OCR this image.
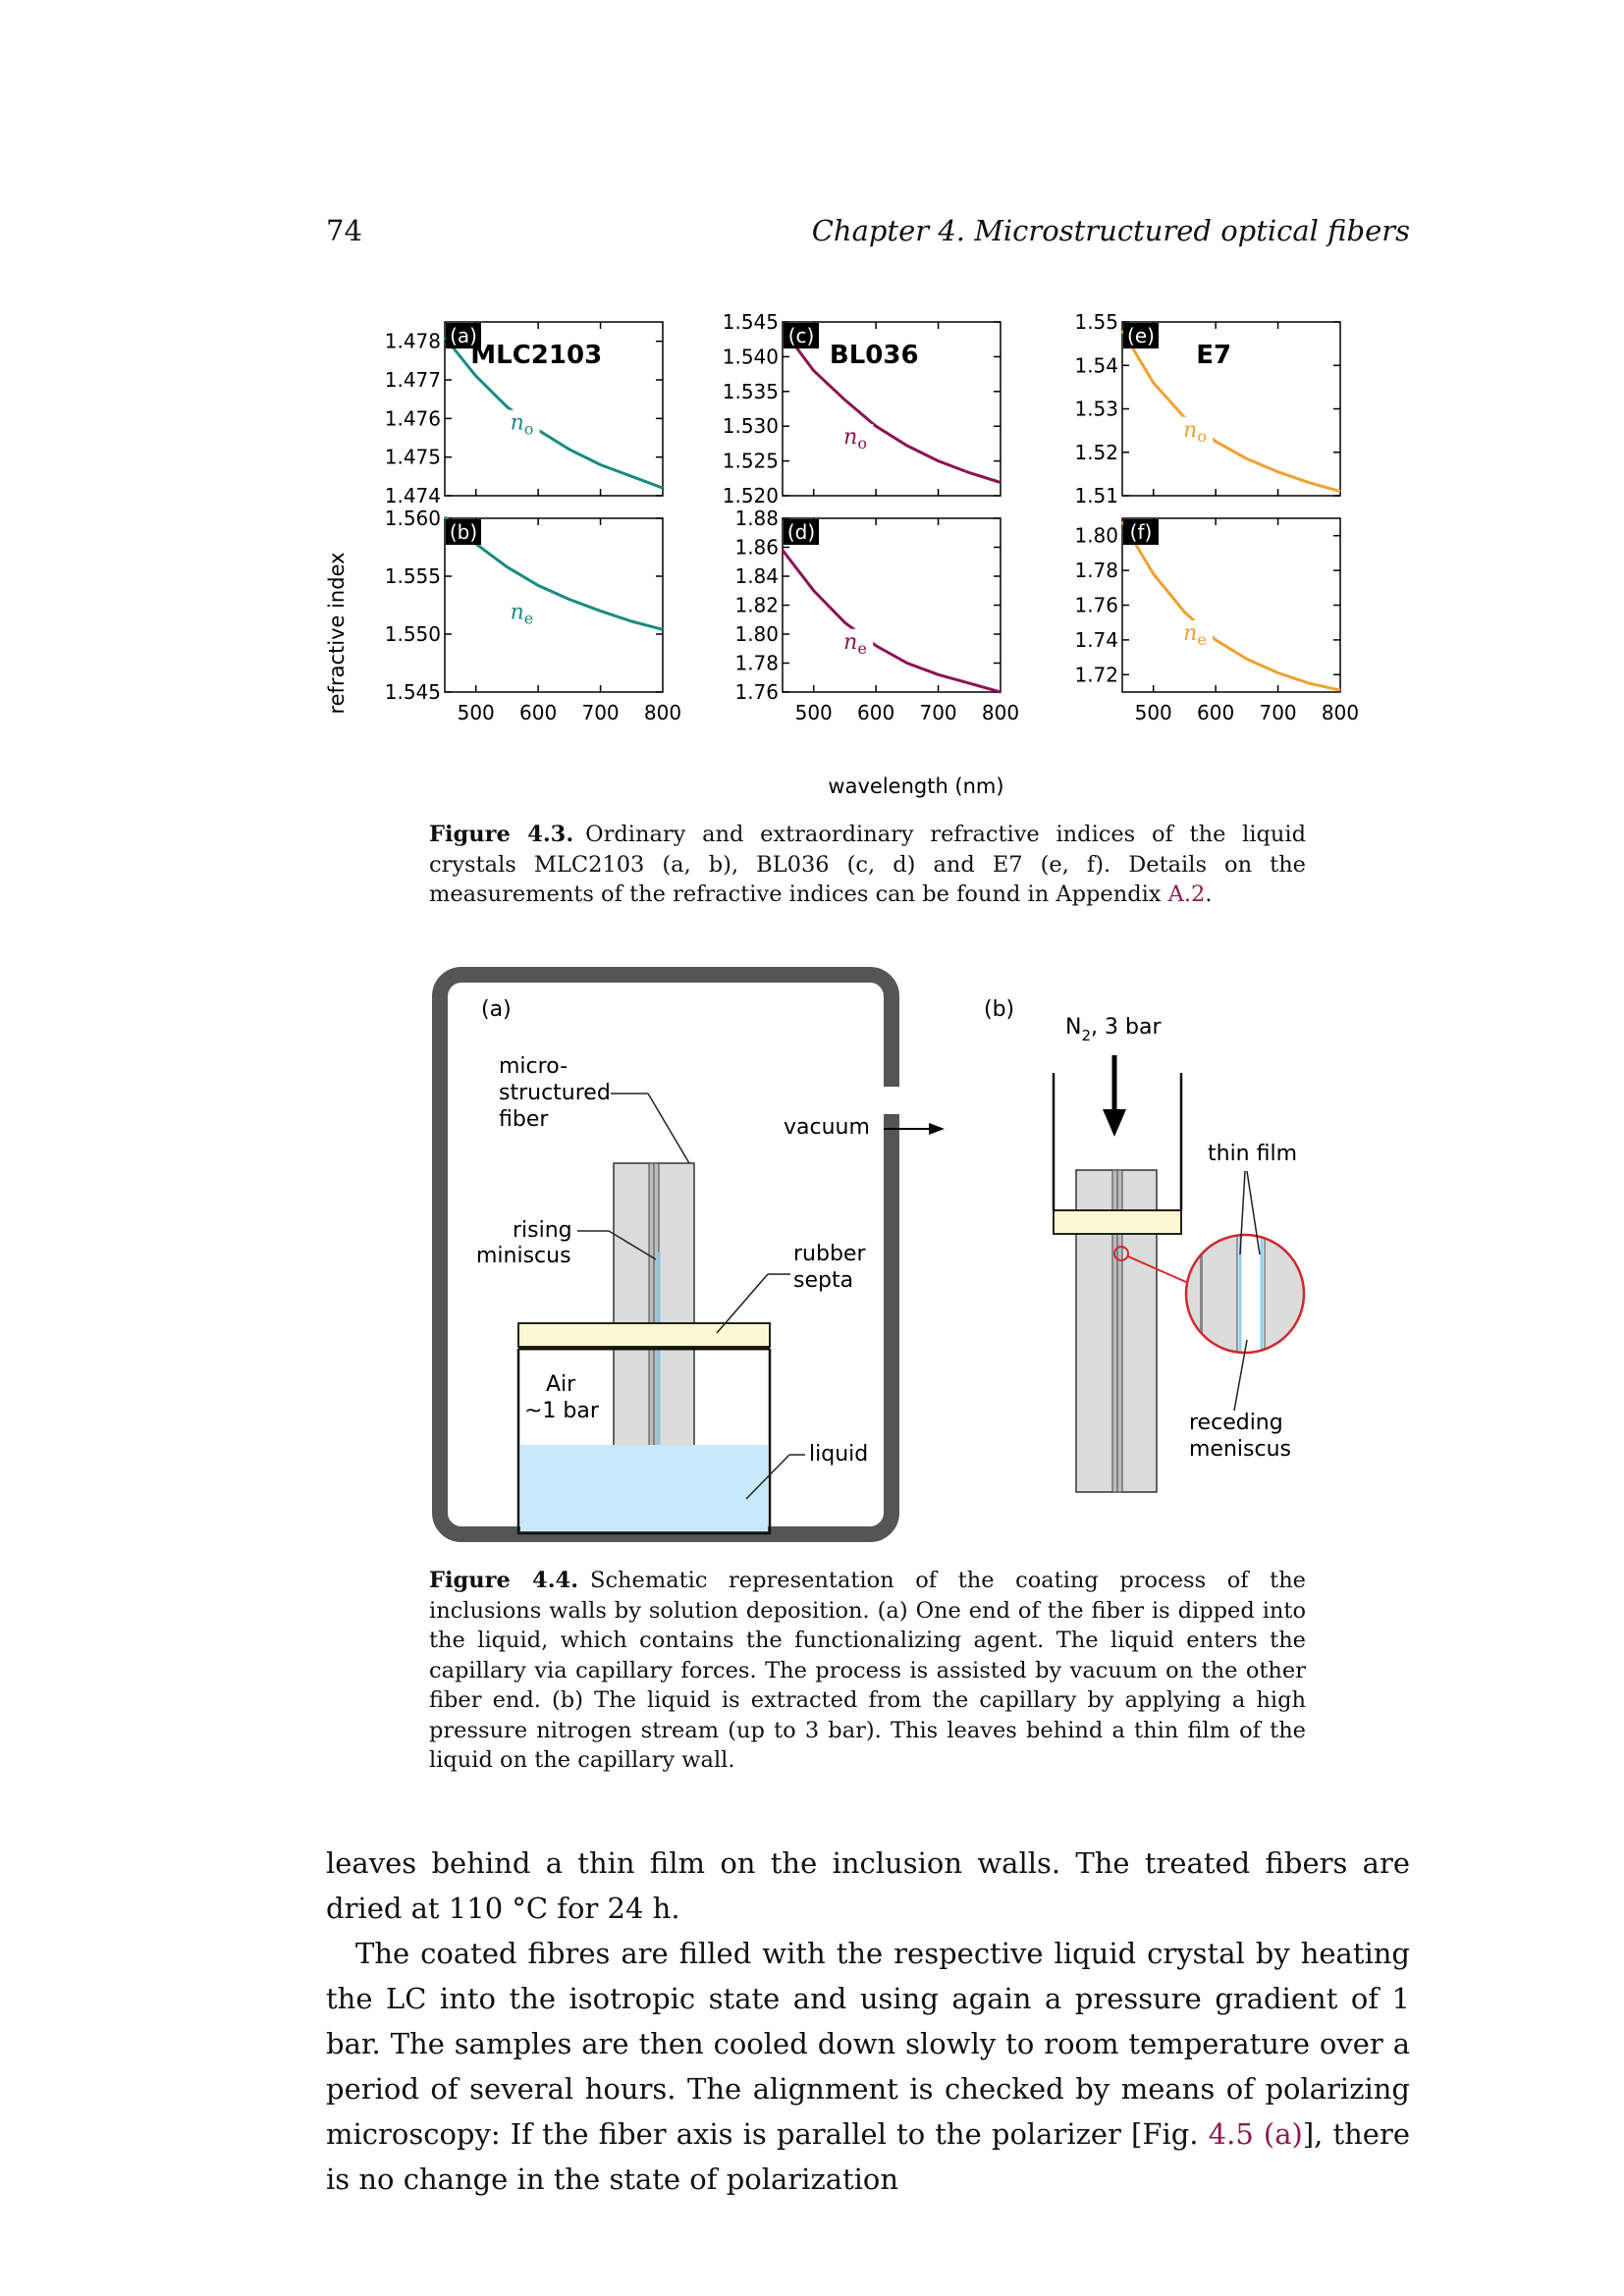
74	Chapter 4. Microstructured optical fibers
refractive index
wavelength (nm)
1.478
1.477
1.476
1.475
1.474
$n_o$
(a)
MLC2103
1.560
1.555
1.550
1.545
500 600 700 800
$n_e$
(b)
1.545
1.540
1.535
1.530
1.525
1.520
$n_o$
(c)
BL036
1.88
1.86
1.84
1.82
1.80
1.78
1.76
500 600 700 800
$n_e$
(d)
1.55
1.54
1.53
1.52
1.51
$n_o$
(e)
E7
1.80
1.78
1.76
1.74
1.72
500 600 700 800
$n_e$
(f)
Figure 4.3. Ordinary and extraordinary refractive indices of the liquid crystals MLC2103 (a, b), BL036 (c, d) and E7 (e, f). Details on the measurements of the refractive indices can be found in Appendix A.2.
(a)
micro-
structured
fiber	vacuum
rising
miniscus	rubber
septa
Air
~1 bar
liquid
(b)
$N_2$, 3 bar
thin film
receding
meniscus
Figure 4.4. Schematic representation of the coating process of the inclusions walls by solution deposition. (a) One end of the fiber is dipped into the liquid, which contains the functionalizing agent. The liquid enters the capillary via capillary forces. The process is assisted by vacuum on the other fiber end. (b) The liquid is extracted from the capillary by applying a high pressure nitrogen stream (up to 3 bar). This leaves behind a thin film of the liquid on the capillary wall.

leaves behind a thin film on the inclusion walls. The treated fibers are dried at 110 °C for 24 h.

The coated fibres are filled with the respective liquid crystal by heating the LC into the isotropic state and using again a pressure gradient of 1 bar. The samples are then cooled down slowly to room temperature over a period of several hours. The alignment is checked by means of polarizing microscopy: If the fiber axis is parallel to the polarizer [Fig. 4.5 (a)], there is no change in the state of polarization
